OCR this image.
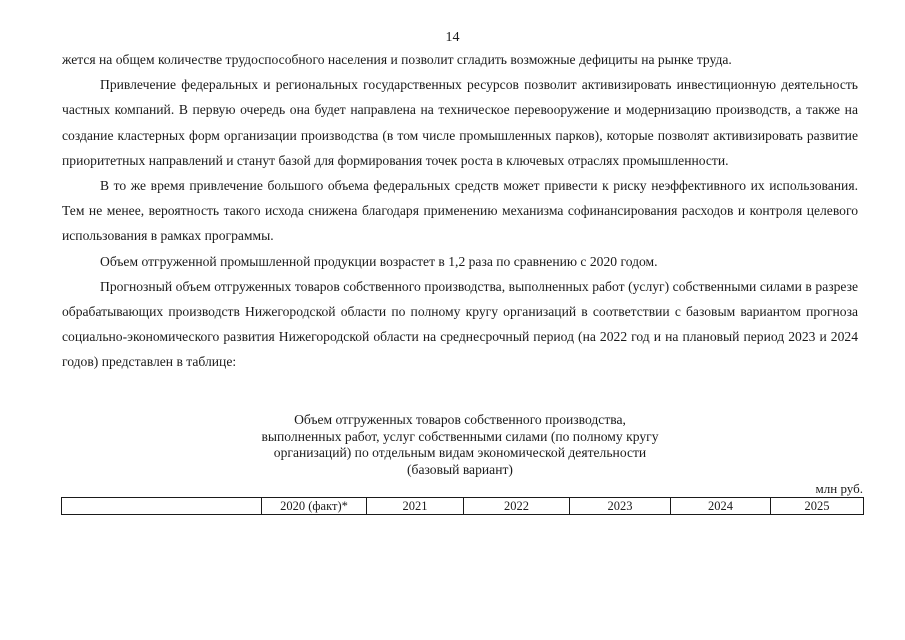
14

жется на общем количестве трудоспособного населения и позволит сгладить возможные дефициты на рынке труда.

Привлечение федеральных и региональных государственных ресурсов позволит активизировать инвестиционную деятельность частных компаний. В первую очередь она будет направлена на техническое перевооружение и модернизацию производств, а также на создание кластерных форм организации производства (в том числе промышленных парков), которые позволят активизировать развитие приоритетных направлений и станут базой для формирования точек роста в ключевых отраслях промышленности.

В то же время привлечение большого объема федеральных средств может привести к риску неэффективного их использования. Тем не менее, вероятность такого исхода снижена благодаря применению механизма софинансирования расходов и контроля целевого использования в рамках программы.

Объем отгруженной промышленной продукции возрастет в 1,2 раза по сравнению с 2020 годом.

Прогнозный объем отгруженных товаров собственного производства, выполненных работ (услуг) собственными силами в разрезе обрабатывающих производств Нижегородской области по полному кругу организаций в соответствии с базовым вариантом прогноза социально-экономического развития Нижегородской области на среднесрочный период (на 2022 год и на плановый период 2023 и 2024 годов) представлен в таблице:

Объем отгруженных товаров собственного производства,
выполненных работ, услуг собственными силами (по полному кругу
организаций) по отдельным видам экономической деятельности
(базовый вариант)
млн руб.
	2020 (факт)*	2021	2022	2023	2024	2025
